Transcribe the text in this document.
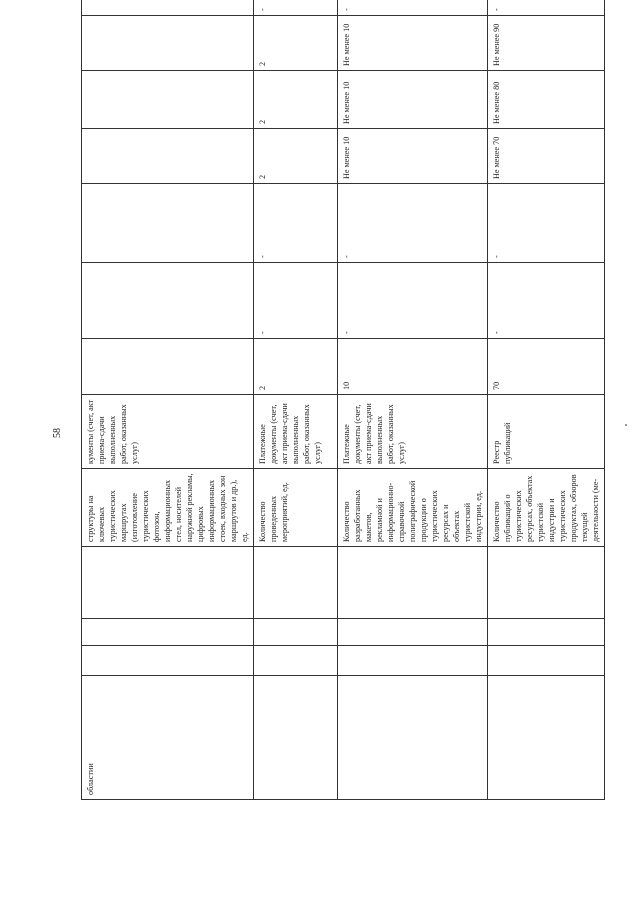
58
областии				структуры на ключевых туристических маршрутах (изготовление туристических фотозон, информационных стел, носителей наружной рекламы, цифровых информационных стоек, входных зон маршрутов и др.), ед.	кументы (счет, акт приема-сдачи выполненных работ, оказанных услуг)							
				Количество проведенных мероприятий, ед.	Платежные документы (счет, акт приема-сдачи выполненных работ, оказанных услуг)	2	-	-	2	2	2	-
				Количество разработанных макетов, рекламной и информационно-справочной полиграфической продукции о туристических ресурсах и объектах туристской индустрии, ед.	Платежные документы (счет, акт приема-сдачи выполненных работ, оказанных услуг)	10	-	-	Не менее 10	Не менее 10	Не менее 10	-
				Количество публикаций о туристических ресурсах, объектах туристской индустрии и туристических продуктах, обзоров текущей деятельности (ме-	Реестр публикаций	70	-	-	Не менее 70	Не менее 80	Не менее 90	-
